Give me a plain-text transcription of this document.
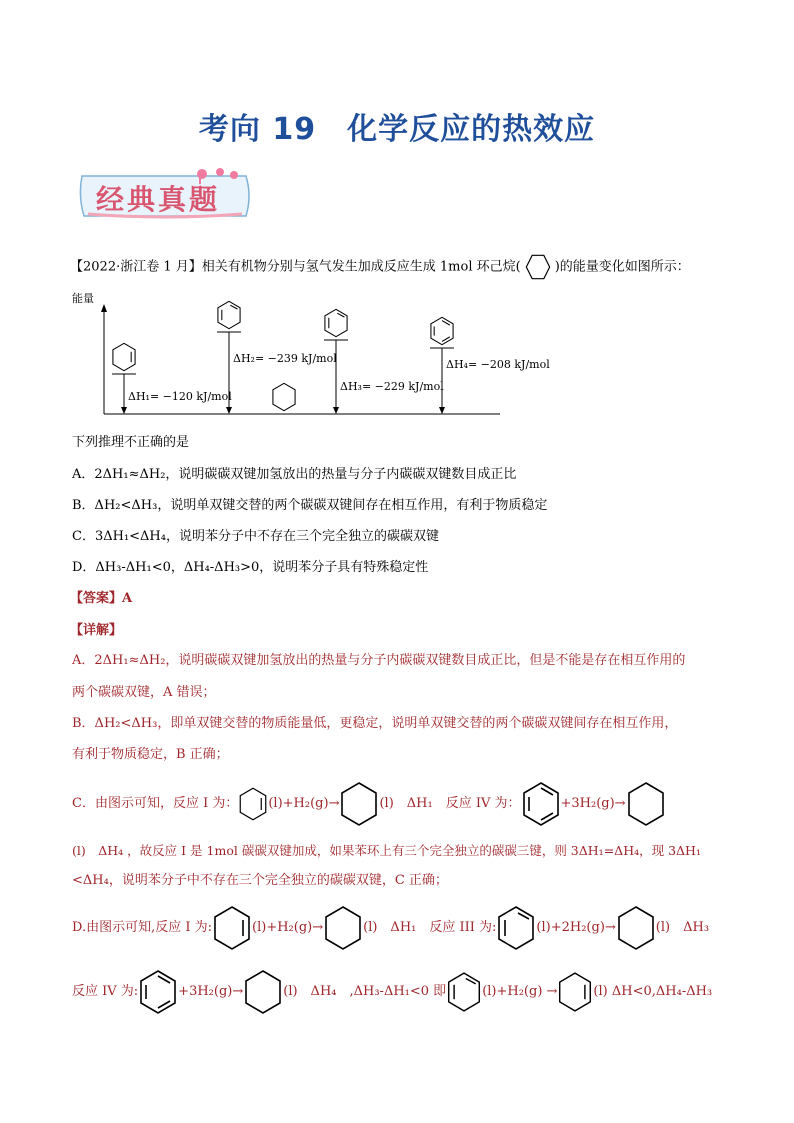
考向 19　化学反应的热效应
经典真题
【2022·浙江卷 1 月】相关有机物分别与氢气发生加成反应生成 1mol 环己烷(	)的能量变化如图所示：
能量
ΔH₁= −120 kJ/mol
ΔH₂= −239 kJ/mol
ΔH₃= −229 kJ/mol
ΔH₄= −208 kJ/mol
下列推理不正确的是
A．2ΔH₁≈ΔH₂，说明碳碳双键加氢放出的热量与分子内碳碳双键数目成正比
B．ΔH₂<ΔH₃，说明单双键交替的两个碳碳双键间存在相互作用，有利于物质稳定
C．3ΔH₁<ΔH₄，说明苯分子中不存在三个完全独立的碳碳双键
D．ΔH₃-ΔH₁<0，ΔH₄-ΔH₃>0，说明苯分子具有特殊稳定性
【答案】A
【详解】
A．2ΔH₁≈ΔH₂，说明碳碳双键加氢放出的热量与分子内碳碳双键数目成正比，但是不能是存在相互作用的
两个碳碳双键，A 错误；
B．ΔH₂<ΔH₃，即单双键交替的物质能量低，更稳定，说明单双键交替的两个碳碳双键间存在相互作用，
有利于物质稳定，B 正确；
C．由图示可知，反应 I 为： (l)+H₂(g)→	(l)　ΔH₁　反应 IV 为：	+3H₂(g)→
(l)　ΔH₄ ，故反应 I 是 1mol 碳碳双键加成，如果苯环上有三个完全独立的碳碳三键，则 3ΔH₁=ΔH₄，现 3ΔH₁
<ΔH₄，说明苯分子中不存在三个完全独立的碳碳双键，C 正确；
D.由图示可知,反应 I 为:	(l)+H₂(g)→	(l)　ΔH₁　反应 III 为:	(l)+2H₂(g)→	(l)　ΔH₃
反应 IV 为:	+3H₂(g)→	(l)　ΔH₄　,ΔH₃-ΔH₁<0 即	(l)+H₂(g) →	(l) ΔH<0,ΔH₄-ΔH₃
